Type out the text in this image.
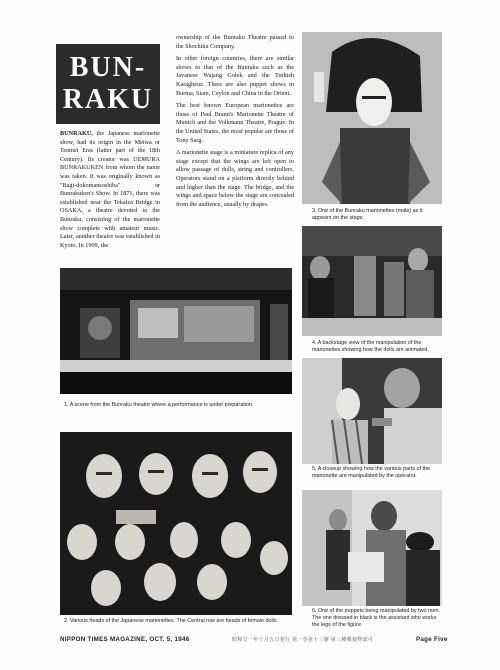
BUN-
RAKU

BUNRAKU, the Japanese marionette show, had its origin in the Meiwa or Tenmei Eras (latter part of the 18th Century). Its creator was UEMURA BUNRAKUKEN from whom the name was taken. It was originally known as "Bagi-dokomansoshiba" or Bunrakuken's Show. In 1871, there was established near the Tekaiza Bridge in OSAKA, a theatre devoted to the Bunraku, consisting of the marionette show complete with amateur music. Later, another theatre was established in Kyoto. In 1909, the

ownership of the Bunraku Theatre passed to the Shochiku Company.

In other foreign countries, there are similar shows to that of the Bunraku such as the Javanese Wajang Golek and the Turkish Karagheuz. There are also puppet shows in Burma, Siam, Ceylon and China in the Orient.

The best known European marionettes are those of Paul Brann's Marionette Theatre of Munich and the Volkmann Theatre, Prague. In the United States, the most popular are those of Tony Sarg.

A marionette stage is a miniature replica of any stage except that the wings are left open to allow passage of dolls, string and controllers. Operators stand on a platform directly behind and higher than the stage. The bridge, and the wings and space below the stage are concealed from the audience, usually by drapes.

1. A scene from the Bunraku theatre where a performance is under preparation.
2. Various heads of the Japanese marionettes. The Central row are heads of female dolls.
3. One of the Bunraku marionettes (male) as it appears on the stage.
4. A backstage view of the manipulation of the marionettes showing how the dolls are animated.
5. A closeup showing how the various parts of the marionette are manipulated by the operator.
6. One of the puppets being manipulated by two men. The one dressed in black is the assistant who works the legs of the figure.
NIPPON TIMES MAGAZINE, OCT. 5, 1946	昭和廿一年十月五日発行 第一巻第十三號 第三種郵便物認可	Page Five
